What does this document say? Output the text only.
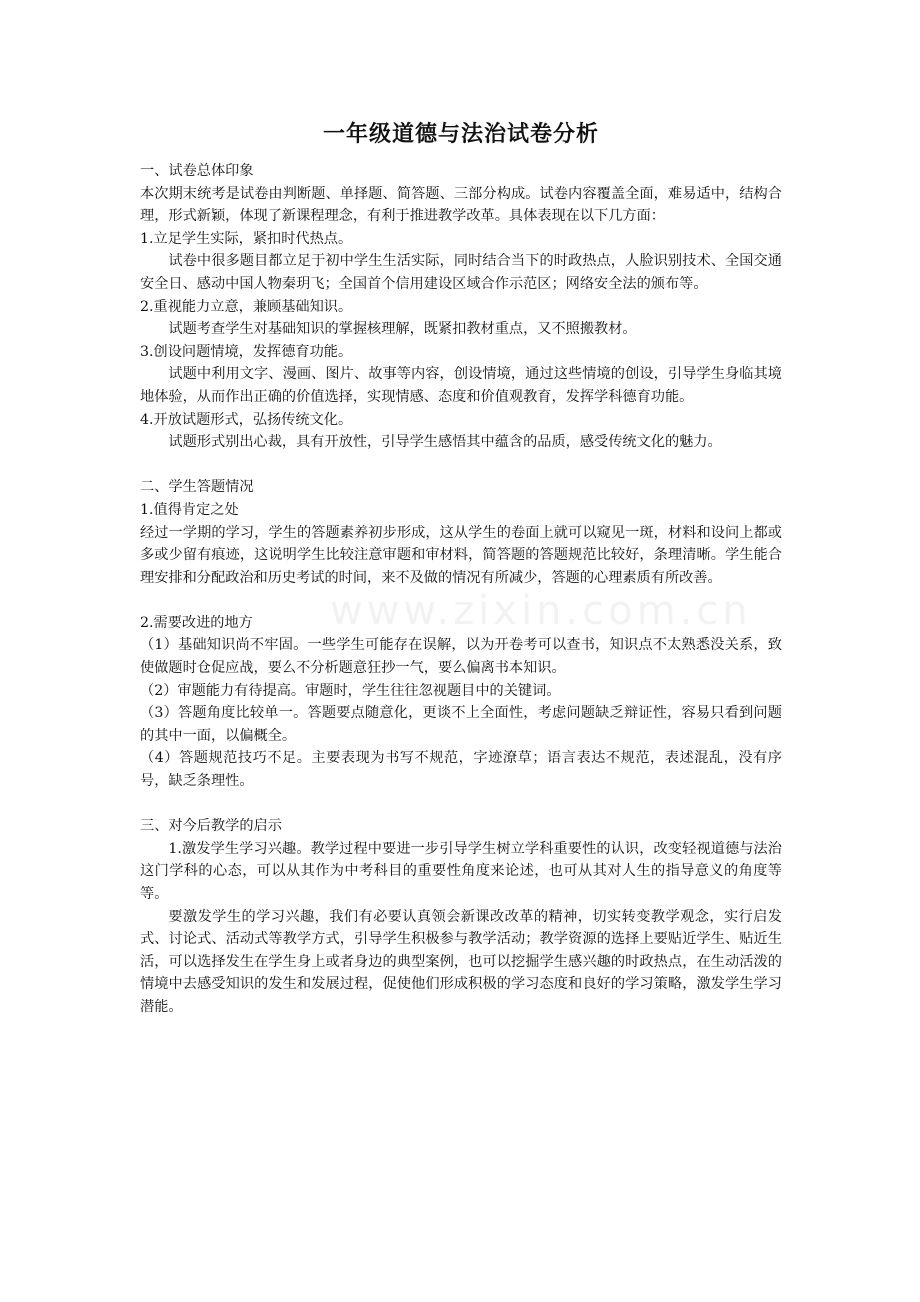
www.zixin.com.cn
一年级道德与法治试卷分析

一、试卷总体印象

本次期末统考是试卷由判断题、单择题、简答题、三部分构成。试卷内容覆盖全面，难易适中，结构合理，形式新颖，体现了新课程理念，有利于推进教学改革。具体表现在以下几方面：

1.立足学生实际，紧扣时代热点。

试卷中很多题目都立足于初中学生生活实际，同时结合当下的时政热点，人脸识别技术、全国交通安全日、感动中国人物秦玥飞；全国首个信用建设区域合作示范区；网络安全法的颁布等。

2.重视能力立意，兼顾基础知识。

试题考查学生对基础知识的掌握核理解，既紧扣教材重点，又不照搬教材。

3.创设问题情境，发挥德育功能。

试题中利用文字、漫画、图片、故事等内容，创设情境，通过这些情境的创设，引导学生身临其境地体验，从而作出正确的价值选择，实现情感、态度和价值观教育，发挥学科德育功能。

4.开放试题形式，弘扬传统文化。

试题形式别出心裁，具有开放性，引导学生感悟其中蕴含的品质，感受传统文化的魅力。

二、学生答题情况

1.值得肯定之处

经过一学期的学习，学生的答题素养初步形成，这从学生的卷面上就可以窥见一斑，材料和设问上都或多或少留有痕迹，这说明学生比较注意审题和审材料，简答题的答题规范比较好，条理清晰。学生能合理安排和分配政治和历史考试的时间，来不及做的情况有所减少，答题的心理素质有所改善。

2.需要改进的地方

（1）基础知识尚不牢固。一些学生可能存在误解，以为开卷考可以查书，知识点不太熟悉没关系，致使做题时仓促应战，要么不分析题意狂抄一气，要么偏离书本知识。

（2）审题能力有待提高。审题时，学生往往忽视题目中的关键词。

（3）答题角度比较单一。答题要点随意化，更谈不上全面性，考虑问题缺乏辩证性，容易只看到问题的其中一面，以偏概全。

（4）答题规范技巧不足。主要表现为书写不规范，字迹潦草；语言表达不规范，表述混乱，没有序号，缺乏条理性。

三、对今后教学的启示

1.激发学生学习兴趣。教学过程中要进一步引导学生树立学科重要性的认识，改变轻视道德与法治这门学科的心态，可以从其作为中考科目的重要性角度来论述，也可从其对人生的指导意义的角度等等。

要激发学生的学习兴趣，我们有必要认真领会新课改改革的精神，切实转变教学观念，实行启发式、讨论式、活动式等教学方式，引导学生积极参与教学活动；教学资源的选择上要贴近学生、贴近生活，可以选择发生在学生身上或者身边的典型案例，也可以挖掘学生感兴趣的时政热点，在生动活泼的情境中去感受知识的发生和发展过程，促使他们形成积极的学习态度和良好的学习策略，激发学生学习潜能。
